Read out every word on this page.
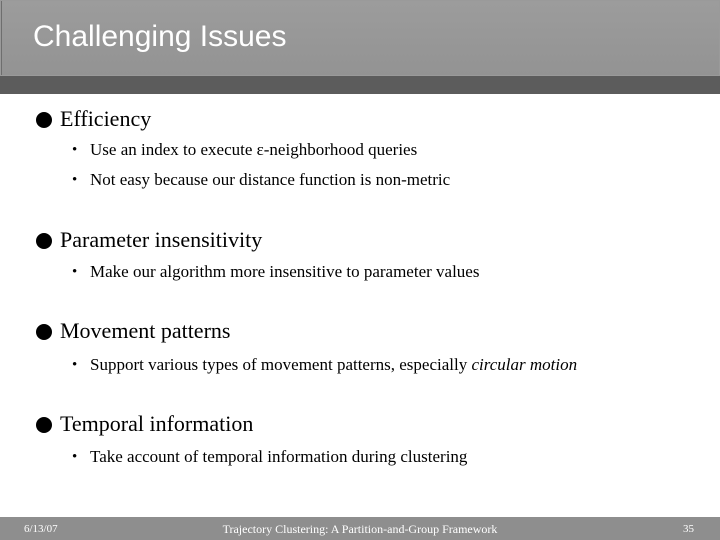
Challenging Issues
Efficiency
• Use an index to execute ε-neighborhood queries
• Not easy because our distance function is non-metric
Parameter insensitivity
• Make our algorithm more insensitive to parameter values
Movement patterns
• Support various types of movement patterns, especially circular motion
Temporal information
• Take account of temporal information during clustering
6/13/07	Trajectory Clustering: A Partition-and-Group Framework	35
